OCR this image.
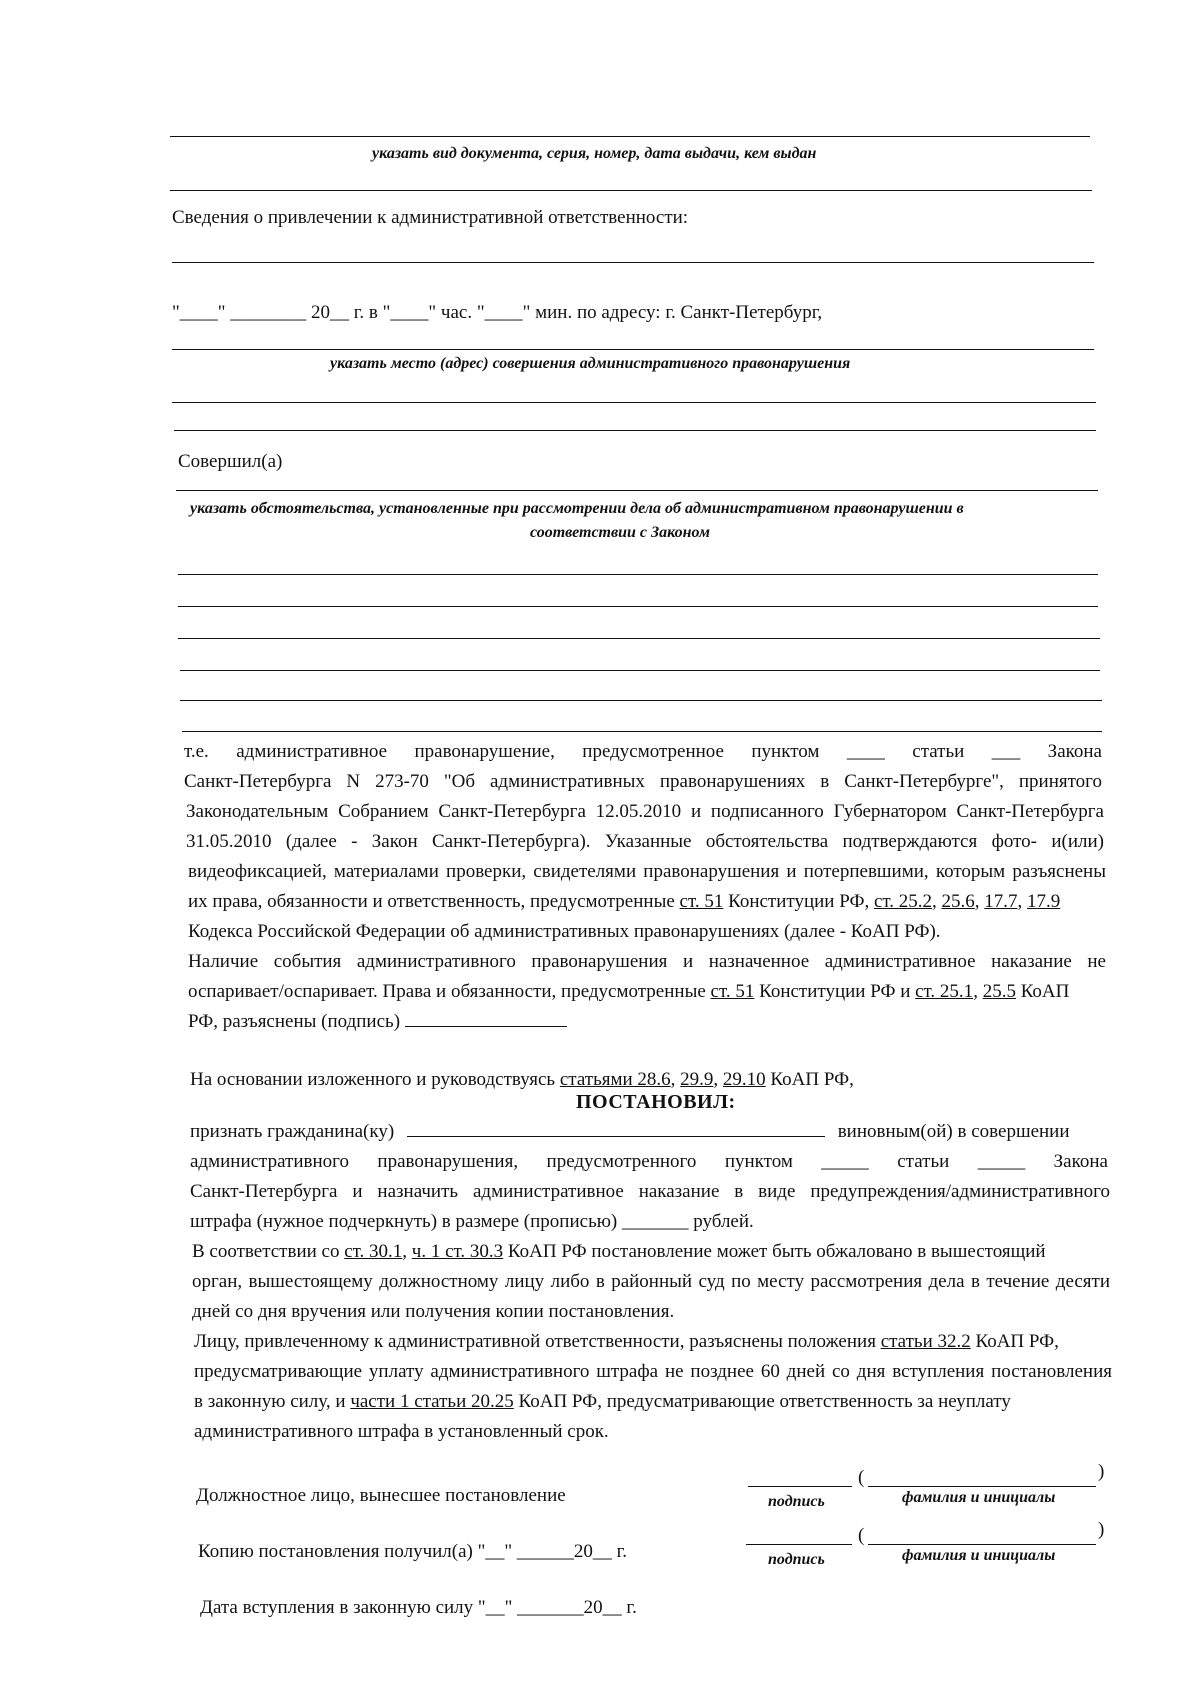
указать вид документа, серия, номер, дата выдачи, кем выдан
Сведения о привлечении к административной ответственности:
"____" ________ 20__ г. в "____" час. "____" мин. по адресу: г. Санкт-Петербург,
указать место (адрес) совершения административного правонарушения
Совершил(а)
указать обстоятельства, установленные при рассмотрении дела об административном правонарушении в
соответствии с Законом
т.е. административное правонарушение, предусмотренное пунктом ____ статьи ___ Закона
Санкт-Петербурга N 273-70 "Об административных правонарушениях в Санкт-Петербурге", принятого
Законодательным Собранием Санкт-Петербурга 12.05.2010 и подписанного Губернатором Санкт-Петербурга
31.05.2010 (далее - Закон Санкт-Петербурга). Указанные обстоятельства подтверждаются фото- и(или)
видеофиксацией, материалами проверки, свидетелями правонарушения и потерпевшими, которым разъяснены
их права, обязанности и ответственность, предусмотренные ст. 51 Конституции РФ, ст. 25.2, 25.6, 17.7, 17.9
Кодекса Российской Федерации об административных правонарушениях (далее - КоАП РФ).
Наличие события административного правонарушения и назначенное административное наказание не
оспаривает/оспаривает. Права и обязанности, предусмотренные ст. 51 Конституции РФ и ст. 25.1, 25.5 КоАП
РФ, разъяснены (подпись)
На основании изложенного и руководствуясь статьями 28.6, 29.9, 29.10 КоАП РФ,
ПОСТАНОВИЛ:
признать гражданина(ку)	виновным(ой) в совершении
административного правонарушения, предусмотренного пунктом _____ статьи _____ Закона
Санкт-Петербурга и назначить административное наказание в виде предупреждения/административного
штрафа (нужное подчеркнуть) в размере (прописью) _______ рублей.
В соответствии со ст. 30.1, ч. 1 ст. 30.3 КоАП РФ постановление может быть обжаловано в вышестоящий
орган, вышестоящему должностному лицу либо в районный суд по месту рассмотрения дела в течение десяти
дней со дня вручения или получения копии постановления.
Лицу, привлеченному к административной ответственности, разъяснены положения статьи 32.2 КоАП РФ,
предусматривающие уплату административного штрафа не позднее 60 дней со дня вступления постановления
в законную силу, и части 1 статьи 20.25 КоАП РФ, предусматривающие ответственность за неуплату
административного штрафа в установленный срок.
Должностное лицо, вынесшее постановление
(	)
подпись	фамилия и инициалы
Копию постановления получил(а) "__" ______20__ г.
(	)
подпись	фамилия и инициалы
Дата вступления в законную силу "__" _______20__ г.
